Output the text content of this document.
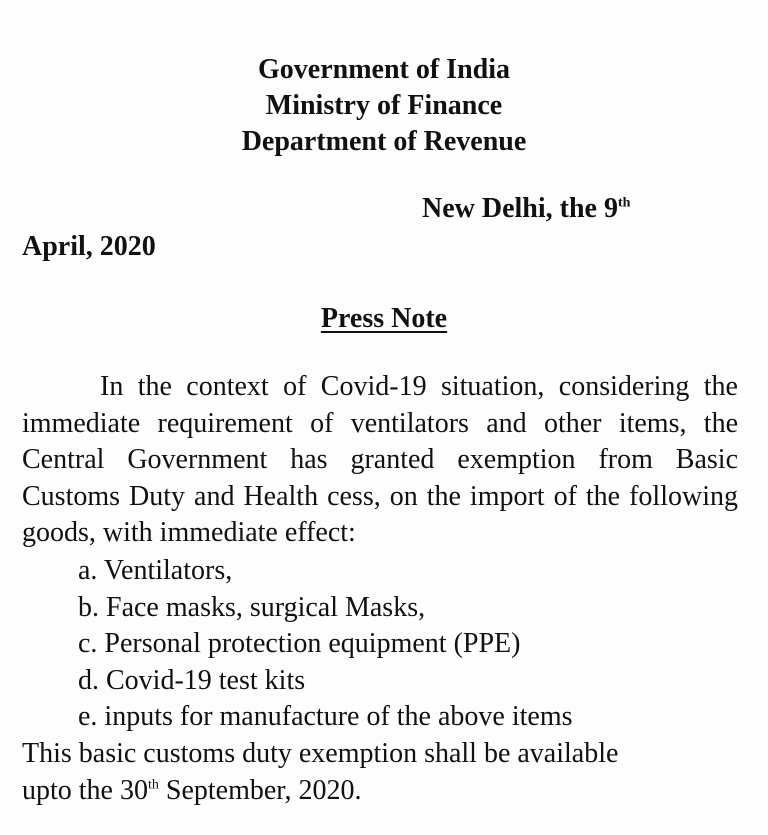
Government of India
Ministry of Finance
Department of Revenue
New Delhi, the 9th
April, 2020
Press Note
In the context of Covid-19 situation, considering the immediate requirement of ventilators and other items, the Central Government has granted exemption from Basic Customs Duty and Health cess, on the import of the following goods, with immediate effect:
a. Ventilators,
b. Face masks, surgical Masks,
c. Personal protection equipment (PPE)
d. Covid-19 test kits
e. inputs for manufacture of the above items
This basic customs duty exemption shall be available
upto the 30th September, 2020.
